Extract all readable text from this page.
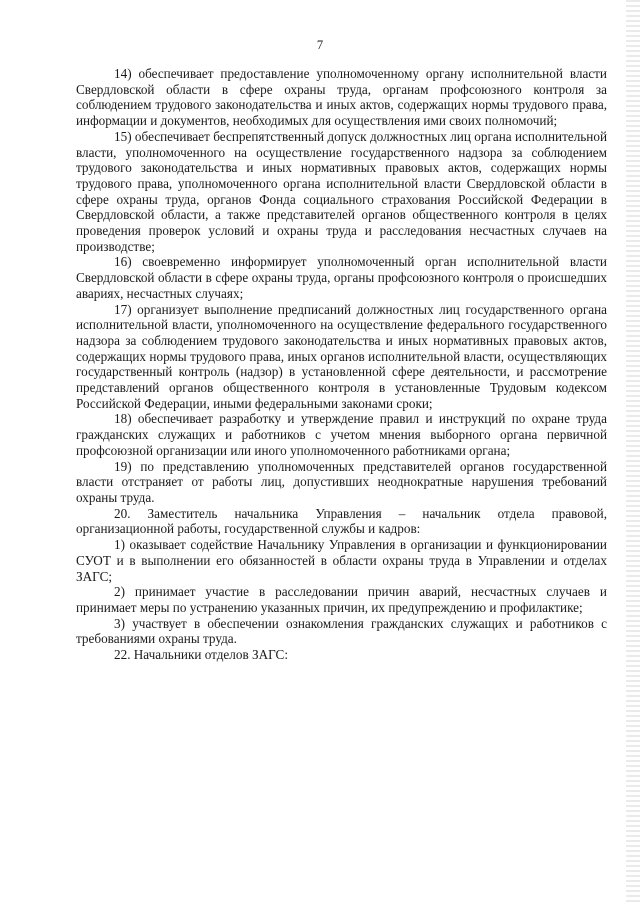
7

14) обеспечивает предоставление уполномоченному органу исполнительной власти Свердловской области в сфере охраны труда, органам профсоюзного контроля за соблюдением трудового законодательства и иных актов, содержащих нормы трудового права, информации и документов, необходимых для осуществления ими своих полномочий;

15) обеспечивает беспрепятственный допуск должностных лиц органа исполнительной власти, уполномоченного на осуществление государственного надзора за соблюдением трудового законодательства и иных нормативных правовых актов, содержащих нормы трудового права, уполномоченного органа исполнительной власти Свердловской области в сфере охраны труда, органов Фонда социального страхования Российской Федерации в Свердловской области, а также представителей органов общественного контроля в целях проведения проверок условий и охраны труда и расследования несчастных случаев на производстве;

16) своевременно информирует уполномоченный орган исполнительной власти Свердловской области в сфере охраны труда, органы профсоюзного контроля о происшедших авариях, несчастных случаях;

17) организует выполнение предписаний должностных лиц государственного органа исполнительной власти, уполномоченного на осуществление федерального государственного надзора за соблюдением трудового законодательства и иных нормативных правовых актов, содержащих нормы трудового права, иных органов исполнительной власти, осуществляющих государственный контроль (надзор) в установленной сфере деятельности, и рассмотрение представлений органов общественного контроля в установленные Трудовым кодексом Российской Федерации, иными федеральными законами сроки;

18) обеспечивает разработку и утверждение правил и инструкций по охране труда гражданских служащих и работников с учетом мнения выборного органа первичной профсоюзной организации или иного уполномоченного работниками органа;

19) по представлению уполномоченных представителей органов государственной власти отстраняет от работы лиц, допустивших неоднократные нарушения требований охраны труда.

20. Заместитель начальника Управления – начальник отдела правовой, организационной работы, государственной службы и кадров:

1) оказывает содействие Начальнику Управления в организации и функционировании СУОТ и в выполнении его обязанностей в области охраны труда в Управлении и отделах ЗАГС;

2) принимает участие в расследовании причин аварий, несчастных случаев и принимает меры по устранению указанных причин, их предупреждению и профилактике;

3) участвует в обеспечении ознакомления гражданских служащих и работников с требованиями охраны труда.

22. Начальники отделов ЗАГС:
